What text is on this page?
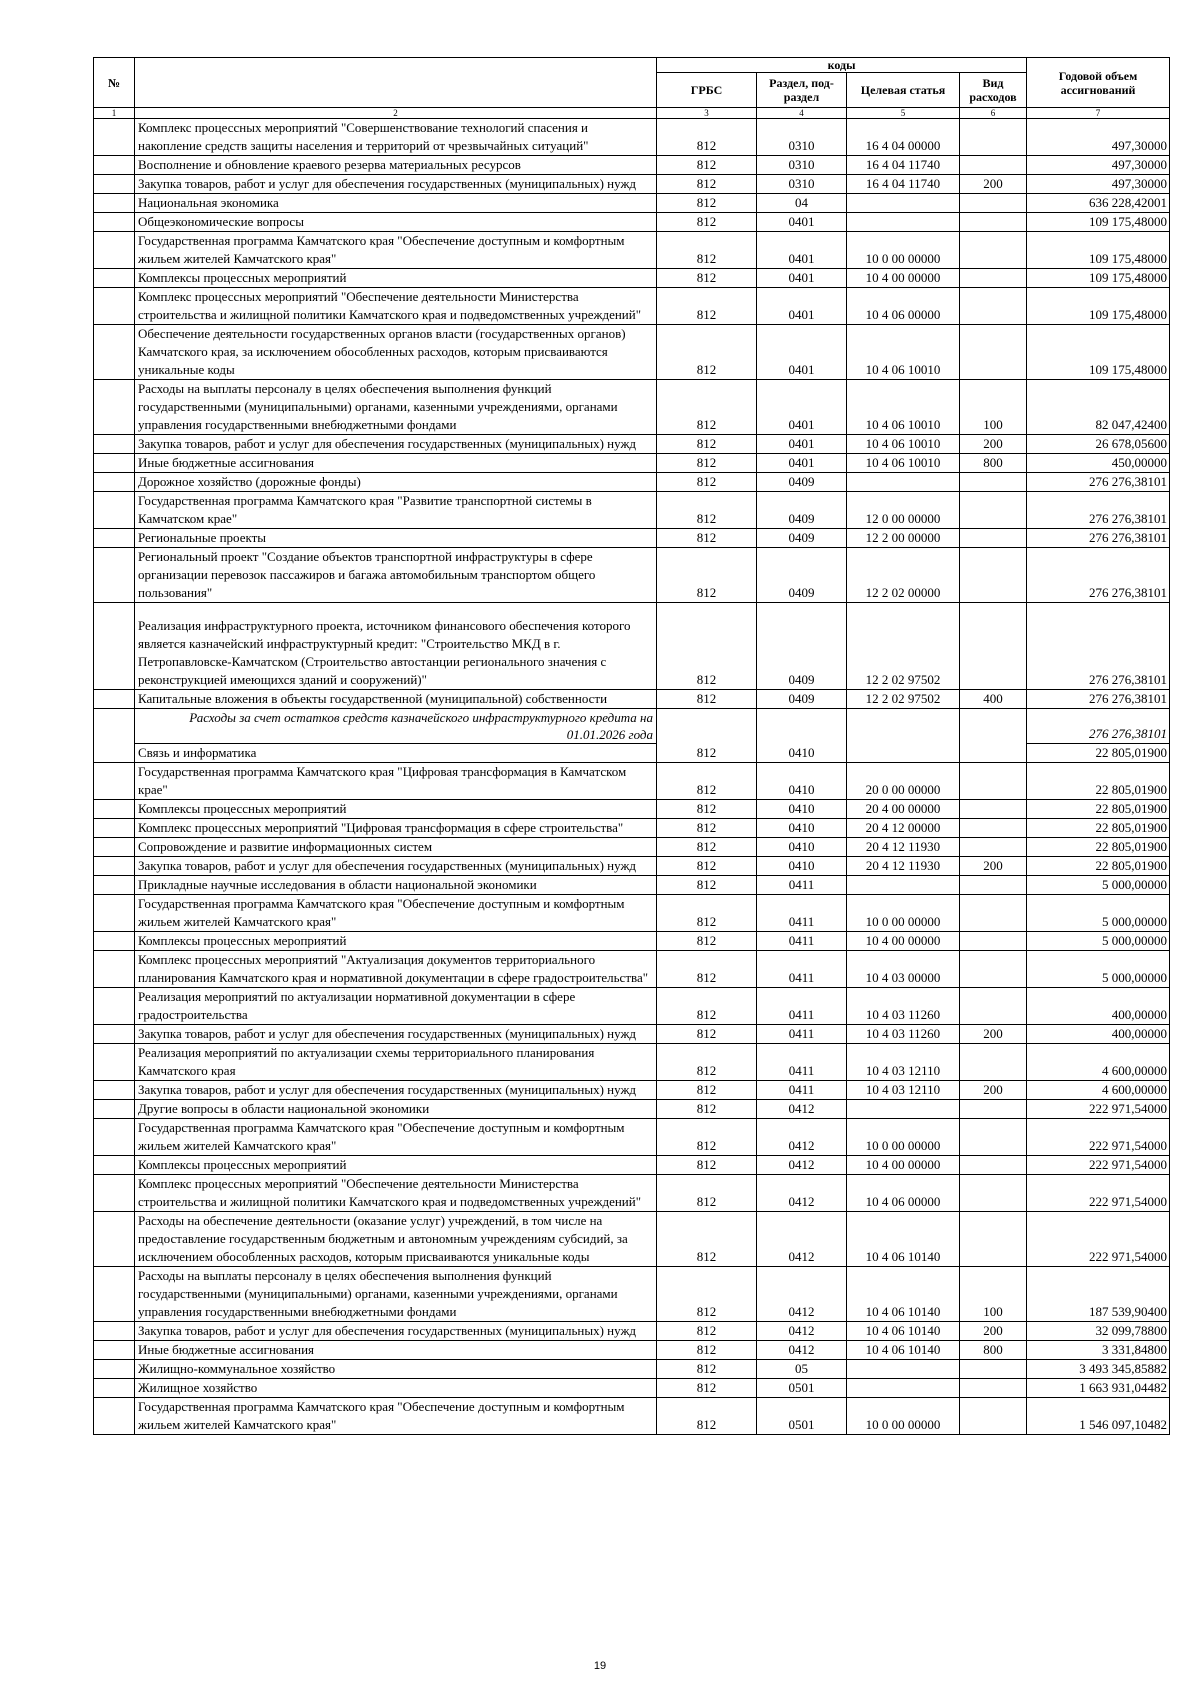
№		коды				Годовой объем ассигнований
		ГРБС	Раздел, под-раздел	Целевая статья	Вид расходов	
1	2	3	4	5	6	7
	Комплекс процессных мероприятий "Совершенствование технологий спасения и накопление средств защиты населения и территорий от чрезвычайных ситуаций"	812	0310	16 4 04 00000		497,30000
	Восполнение и обновление краевого резерва материальных ресурсов	812	0310	16 4 04 11740		497,30000
	Закупка товаров, работ и услуг для обеспечения государственных (муниципальных) нужд	812	0310	16 4 04 11740	200	497,30000
	Национальная экономика	812	04			636 228,42001
	Общеэкономические вопросы	812	0401			109 175,48000
	Государственная программа Камчатского края "Обеспечение доступным и комфортным жильем жителей Камчатского края"	812	0401	10 0 00 00000		109 175,48000
	Комплексы процессных мероприятий	812	0401	10 4 00 00000		109 175,48000
	Комплекс процессных мероприятий "Обеспечение деятельности Министерства строительства и жилищной политики Камчатского края и подведомственных учреждений"	812	0401	10 4 06 00000		109 175,48000
	Обеспечение деятельности государственных органов власти (государственных органов) Камчатского края, за исключением обособленных расходов, которым присваиваются уникальные коды	812	0401	10 4 06 10010		109 175,48000
	Расходы на выплаты персоналу в целях обеспечения выполнения функций государственными (муниципальными) органами, казенными учреждениями, органами управления государственными внебюджетными фондами	812	0401	10 4 06 10010	100	82 047,42400
	Закупка товаров, работ и услуг для обеспечения государственных (муниципальных) нужд	812	0401	10 4 06 10010	200	26 678,05600
	Иные бюджетные ассигнования	812	0401	10 4 06 10010	800	450,00000
	Дорожное хозяйство (дорожные фонды)	812	0409			276 276,38101
	Государственная программа Камчатского края "Развитие транспортной системы в Камчатском крае"	812	0409	12 0 00 00000		276 276,38101
	Региональные проекты	812	0409	12 2 00 00000		276 276,38101
	Региональный проект "Создание объектов транспортной инфраструктуры в сфере организации перевозок пассажиров и багажа автомобильным транспортом общего пользования"	812	0409	12 2 02 00000		276 276,38101
	Реализация инфраструктурного проекта, источником финансового обеспечения которого является казначейский инфраструктурный кредит: "Строительство МКД в г. Петропавловске-Камчатском (Строительство автостанции регионального значения с реконструкцией имеющихся зданий и сооружений)"	812	0409	12 2 02 97502		276 276,38101
	Капитальные вложения в объекты государственной (муниципальной) собственности	812	0409	12 2 02 97502	400	276 276,38101
	Расходы за счет остатков средств казначейского инфраструктурного кредита на 01.01.2026 года					276 276,38101
	Связь и информатика	812	0410			22 805,01900
	Государственная программа Камчатского края "Цифровая трансформация в Камчатском крае"	812	0410	20 0 00 00000		22 805,01900
	Комплексы процессных мероприятий	812	0410	20 4 00 00000		22 805,01900
	Комплекс процессных мероприятий "Цифровая трансформация в сфере строительства"	812	0410	20 4 12 00000		22 805,01900
	Сопровождение и развитие информационных систем	812	0410	20 4 12 11930		22 805,01900
	Закупка товаров, работ и услуг для обеспечения государственных (муниципальных) нужд	812	0410	20 4 12 11930	200	22 805,01900
	Прикладные научные исследования в области национальной экономики	812	0411			5 000,00000
	Государственная программа Камчатского края "Обеспечение доступным и комфортным жильем жителей Камчатского края"	812	0411	10 0 00 00000		5 000,00000
	Комплексы процессных мероприятий	812	0411	10 4 00 00000		5 000,00000
	Комплекс процессных мероприятий "Актуализация документов территориального планирования Камчатского края и нормативной документации в сфере градостроительства"	812	0411	10 4 03 00000		5 000,00000
	Реализация мероприятий по актуализации нормативной документации в сфере градостроительства	812	0411	10 4 03 11260		400,00000
	Закупка товаров, работ и услуг для обеспечения государственных (муниципальных) нужд	812	0411	10 4 03 11260	200	400,00000
	Реализация мероприятий по актуализации схемы территориального планирования Камчатского края	812	0411	10 4 03 12110		4 600,00000
	Закупка товаров, работ и услуг для обеспечения государственных (муниципальных) нужд	812	0411	10 4 03 12110	200	4 600,00000
	Другие вопросы в области национальной экономики	812	0412			222 971,54000
	Государственная программа Камчатского края "Обеспечение доступным и комфортным жильем жителей Камчатского края"	812	0412	10 0 00 00000		222 971,54000
	Комплексы процессных мероприятий	812	0412	10 4 00 00000		222 971,54000
	Комплекс процессных мероприятий "Обеспечение деятельности Министерства строительства и жилищной политики Камчатского края и подведомственных учреждений"	812	0412	10 4 06 00000		222 971,54000
	Расходы на обеспечение деятельности (оказание услуг) учреждений, в том числе на предоставление государственным бюджетным и автономным учреждениям субсидий, за исключением обособленных расходов, которым присваиваются уникальные коды	812	0412	10 4 06 10140		222 971,54000
	Расходы на выплаты персоналу в целях обеспечения выполнения функций государственными (муниципальными) органами, казенными учреждениями, органами управления государственными внебюджетными фондами	812	0412	10 4 06 10140	100	187 539,90400
	Закупка товаров, работ и услуг для обеспечения государственных (муниципальных) нужд	812	0412	10 4 06 10140	200	32 099,78800
	Иные бюджетные ассигнования	812	0412	10 4 06 10140	800	3 331,84800
	Жилищно-коммунальное хозяйство	812	05			3 493 345,85882
	Жилищное хозяйство	812	0501			1 663 931,04482
	Государственная программа Камчатского края "Обеспечение доступным и комфортным жильем жителей Камчатского края"	812	0501	10 0 00 00000		1 546 097,10482
19
